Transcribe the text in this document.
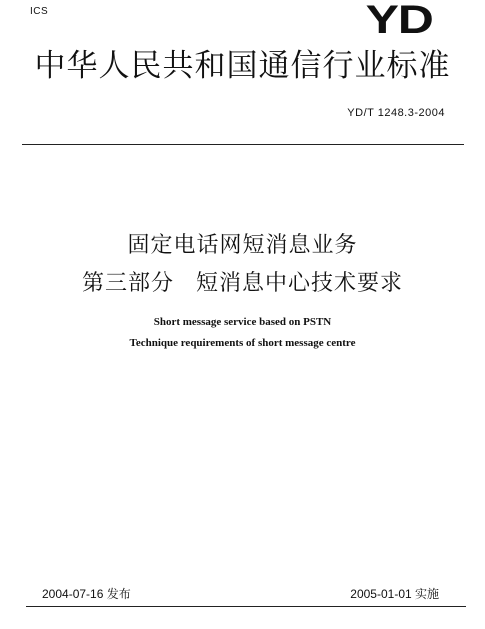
ICS	YD
中华人民共和国通信行业标准
YD/T 1248.3-2004
固定电话网短消息业务
第三部分 短消息中心技术要求
Short message service based on PSTN
Technique requirements of short message centre
2004-07-16 发布	2005-01-01 实施
